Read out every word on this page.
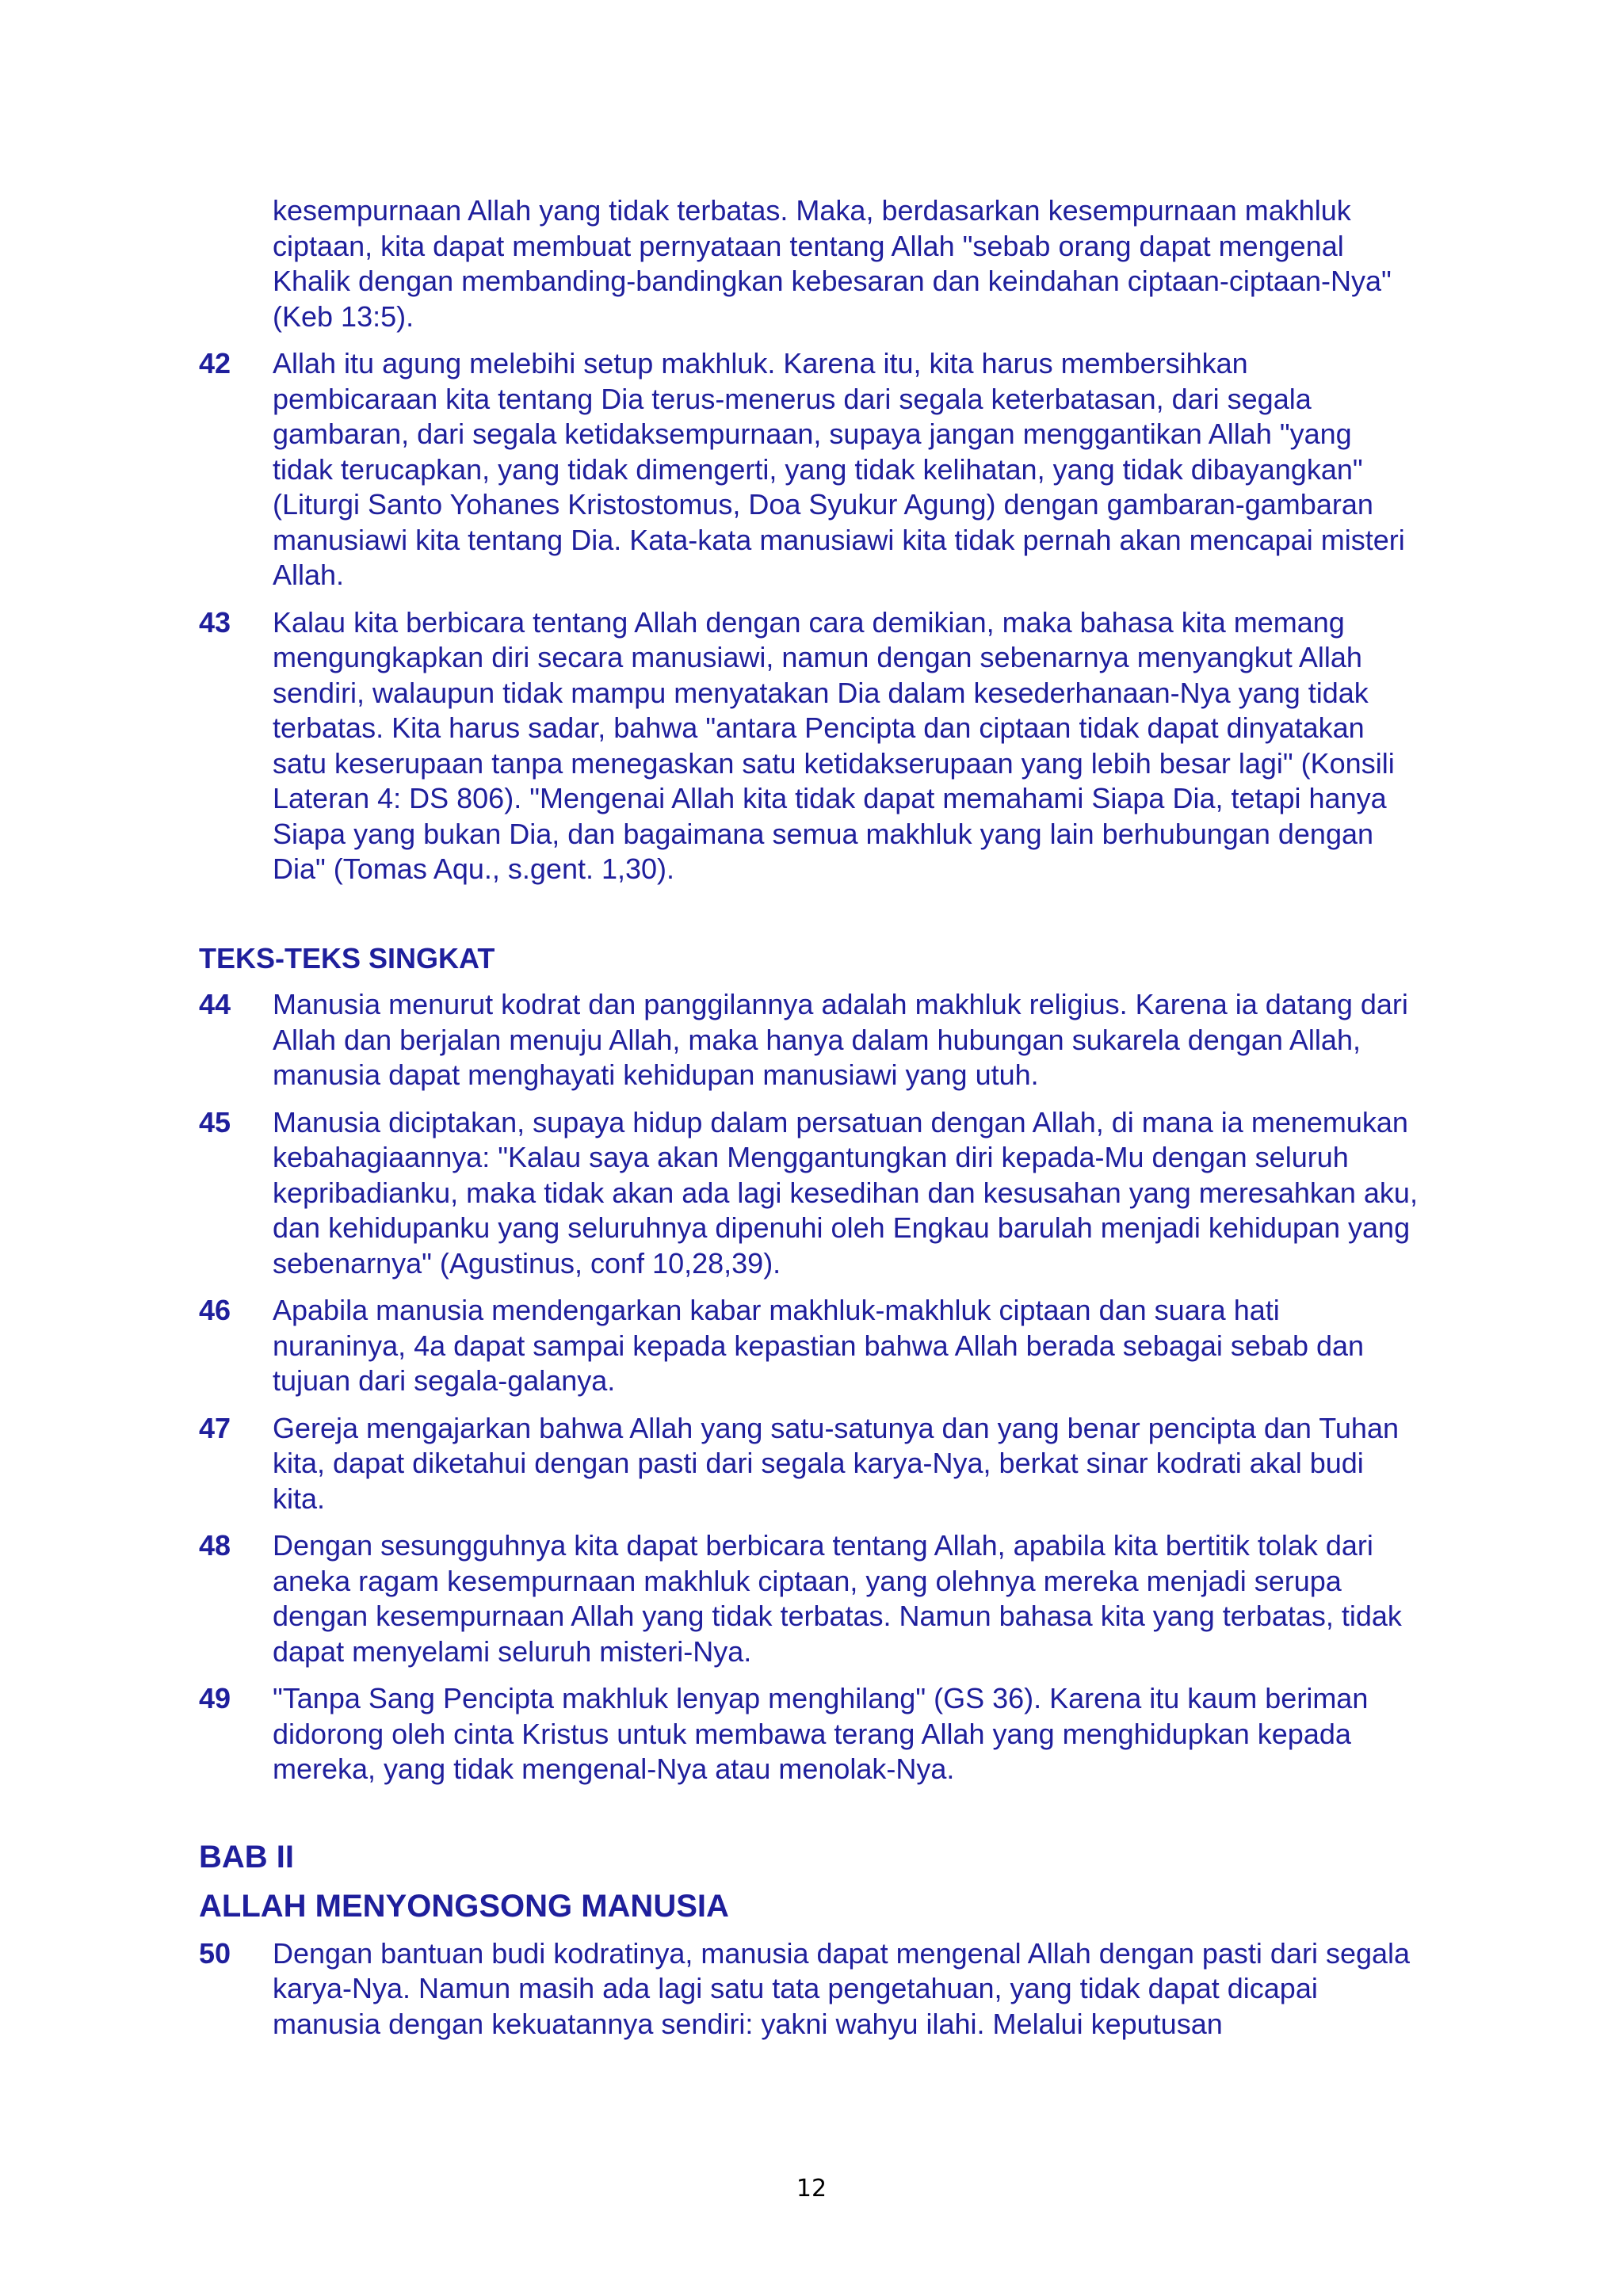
kesempurnaan Allah yang tidak terbatas. Maka, berdasarkan kesempurnaan makhluk ciptaan, kita dapat membuat pernyataan tentang Allah "sebab orang dapat mengenal Khalik dengan membanding-bandingkan kebesaran dan keindahan ciptaan-ciptaan-Nya" (Keb 13:5).
42	Allah itu agung melebihi setup makhluk. Karena itu, kita harus membersihkan pembicaraan kita tentang Dia terus-menerus dari segala keterbatasan, dari segala gambaran, dari segala ketidaksempurnaan, supaya jangan menggantikan Allah "yang tidak terucapkan, yang tidak dimengerti, yang tidak kelihatan, yang tidak dibayangkan" (Liturgi Santo Yohanes Kristostomus, Doa Syukur Agung) dengan gambaran-gambaran manusiawi kita tentang Dia. Kata-kata manusiawi kita tidak pernah akan mencapai misteri Allah.
43	Kalau kita berbicara tentang Allah dengan cara demikian, maka bahasa kita memang mengungkapkan diri secara manusiawi, namun dengan sebenarnya menyangkut Allah sendiri, walaupun tidak mampu menyatakan Dia dalam kesederhanaan-Nya yang tidak terbatas. Kita harus sadar, bahwa "antara Pencipta dan ciptaan tidak dapat dinyatakan satu keserupaan tanpa menegaskan satu ketidakserupaan yang lebih besar lagi" (Konsili Lateran 4: DS 806). "Mengenai Allah kita tidak dapat memahami Siapa Dia, tetapi hanya Siapa yang bukan Dia, dan bagaimana semua makhluk yang lain berhubungan dengan Dia" (Tomas Aqu., s.gent. 1,30).
TEKS-TEKS SINGKAT
44	Manusia menurut kodrat dan panggilannya adalah makhluk religius. Karena ia datang dari Allah dan berjalan menuju Allah, maka hanya dalam hubungan sukarela dengan Allah, manusia dapat menghayati kehidupan manusiawi yang utuh.
45	Manusia diciptakan, supaya hidup dalam persatuan dengan Allah, di mana ia menemukan kebahagiaannya: "Kalau saya akan Menggantungkan diri kepada-Mu dengan seluruh kepribadianku, maka tidak akan ada lagi kesedihan dan kesusahan yang meresahkan aku, dan kehidupanku yang seluruhnya dipenuhi oleh Engkau barulah menjadi kehidupan yang sebenarnya" (Agustinus, conf 10,28,39).
46	Apabila manusia mendengarkan kabar makhluk-makhluk ciptaan dan suara hati nuraninya, 4a dapat sampai kepada kepastian bahwa Allah berada sebagai sebab dan tujuan dari segala-galanya.
47	Gereja mengajarkan bahwa Allah yang satu-satunya dan yang benar pencipta dan Tuhan kita, dapat diketahui dengan pasti dari segala karya-Nya, berkat sinar kodrati akal budi kita.
48	Dengan sesungguhnya kita dapat berbicara tentang Allah, apabila kita bertitik tolak dari aneka ragam kesempurnaan makhluk ciptaan, yang olehnya mereka menjadi serupa dengan kesempurnaan Allah yang tidak terbatas. Namun bahasa kita yang terbatas, tidak dapat menyelami seluruh misteri-Nya.
49	"Tanpa Sang Pencipta makhluk lenyap menghilang" (GS 36). Karena itu kaum beriman didorong oleh cinta Kristus untuk membawa terang Allah yang menghidupkan kepada mereka, yang tidak mengenal-Nya atau menolak-Nya.
BAB II
ALLAH MENYONGSONG MANUSIA
50	Dengan bantuan budi kodratinya, manusia dapat mengenal Allah dengan pasti dari segala karya-Nya. Namun masih ada lagi satu tata pengetahuan, yang tidak dapat dicapai manusia dengan kekuatannya sendiri: yakni wahyu ilahi. Melalui keputusan
12
